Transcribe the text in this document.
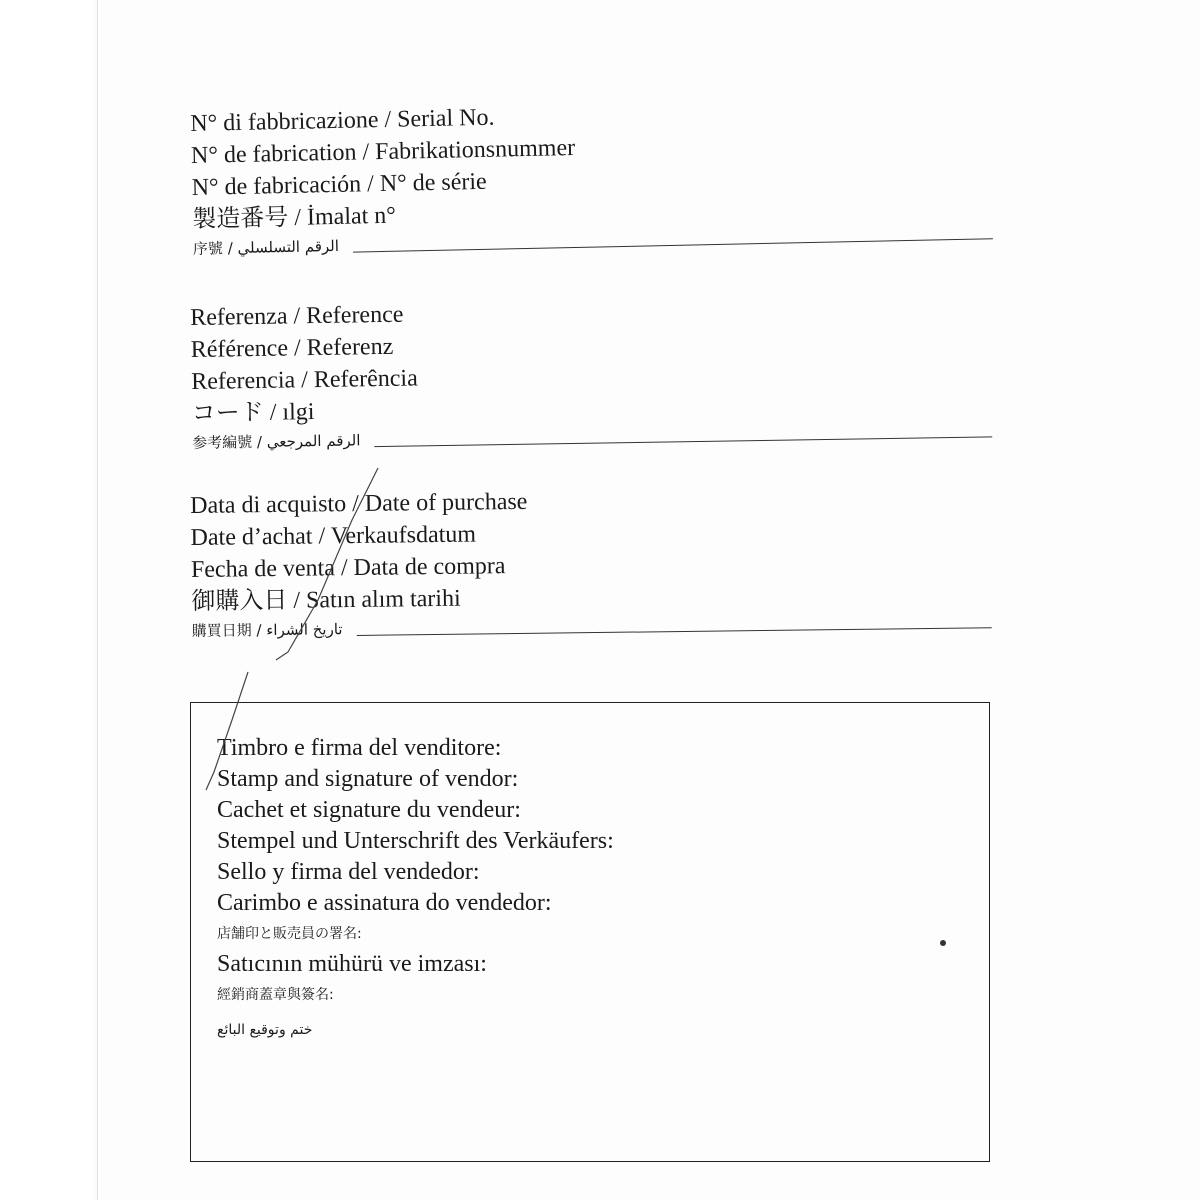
N° di fabbricazione / Serial No.
N° de fabrication / Fabrikationsnummer
N° de fabricación / N° de série
製造番号 / İmalat n°
序號 / الرقم التسلسلي
Referenza / Reference
Référence / Referenz
Referencia / Referência
コード / ılgi
参考編號 / الرقم المرجعي
Data di acquisto / Date of purchase
Date d’achat / Verkaufsdatum
Fecha de venta / Data de compra
御購入日 / Satın alım tarihi
購買日期 / تاريخ الشراء
Timbro e firma del venditore:
Stamp and signature of vendor:
Cachet et signature du vendeur:
Stempel und Unterschrift des Verkäufers:
Sello y firma del vendedor:
Carimbo e assinatura do vendedor:
店舗印と販売員の署名:
Satıcının mühürü ve imzası:
經銷商蓋章與簽名:
ختم وتوقيع البائع
